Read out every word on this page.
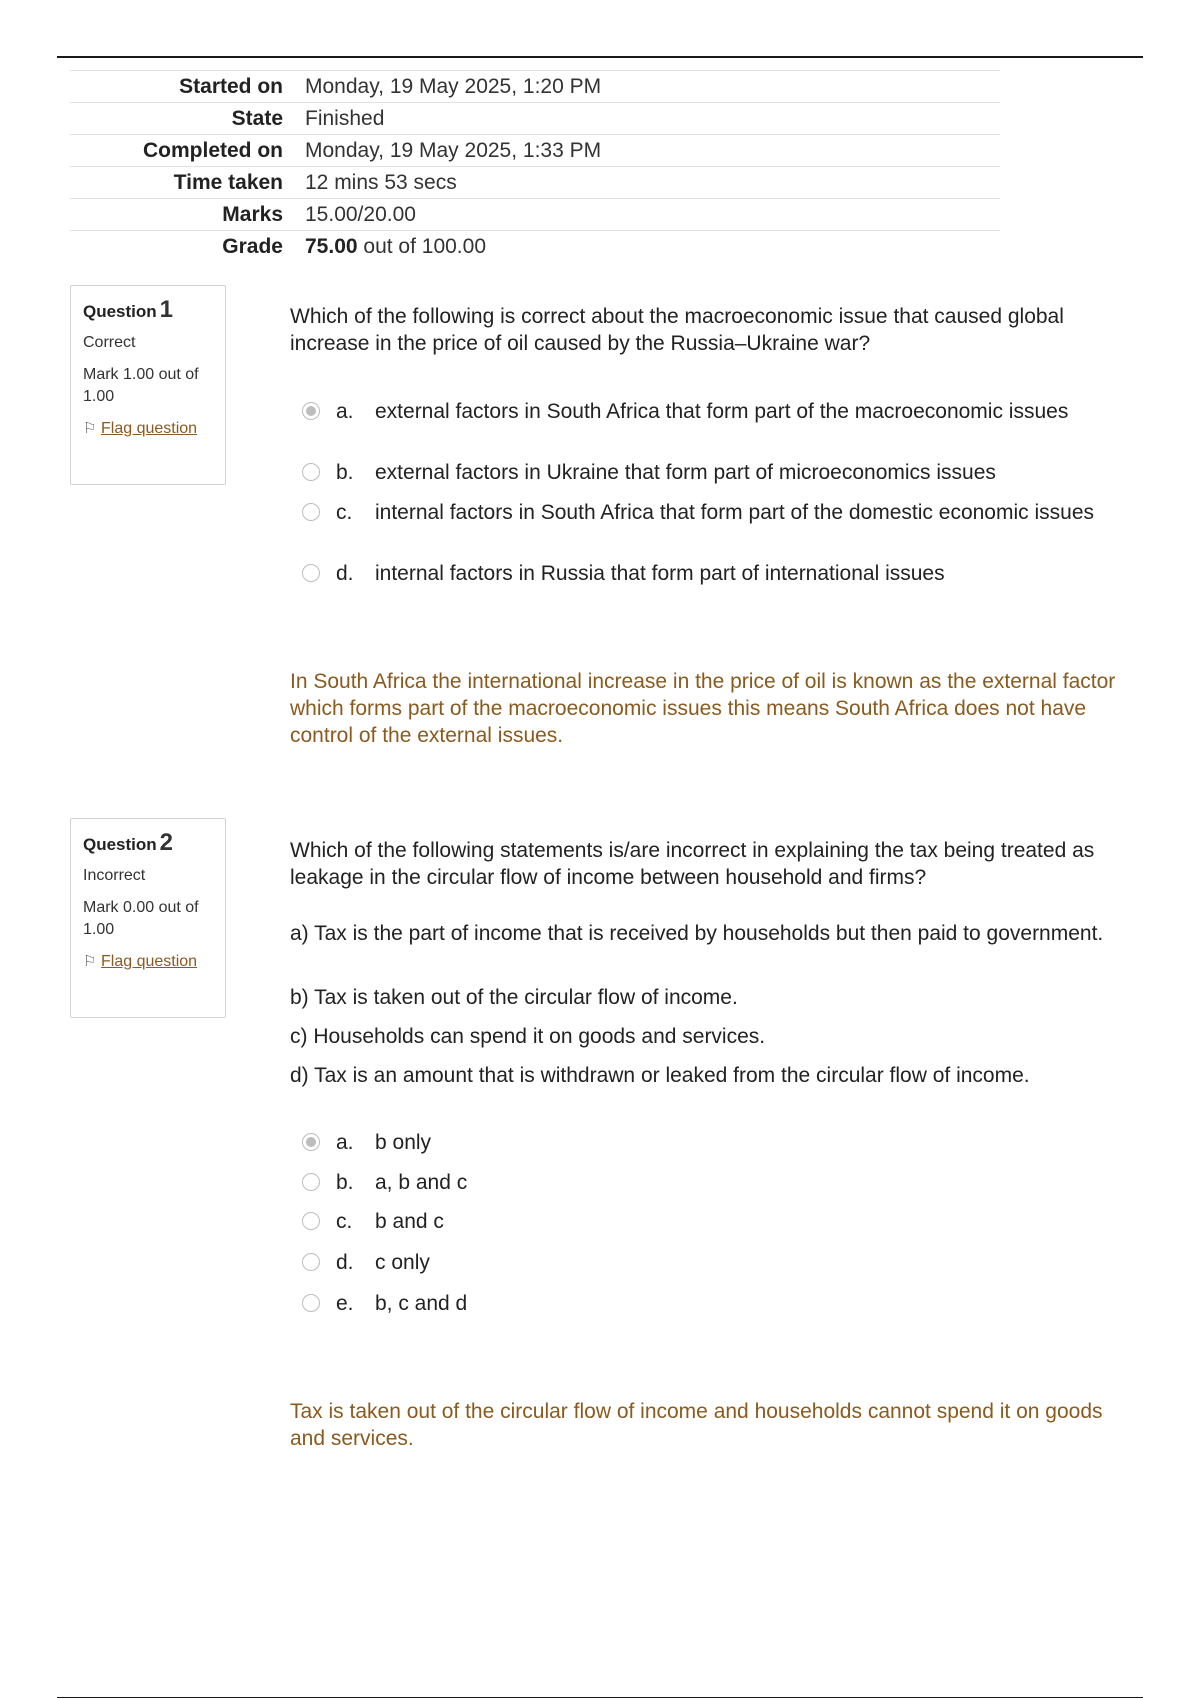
Started on	Monday, 19 May 2025, 1:20 PM
State	Finished
Completed on	Monday, 19 May 2025, 1:33 PM
Time taken	12 mins 53 secs
Marks	15.00/20.00
Grade	75.00 out of 100.00
Question 1
Correct
Mark 1.00 out of 1.00
⚐ Flag question
Which of the following is correct about the macroeconomic issue that caused global increase in the price of oil caused by the Russia–Ukraine war?
a. external factors in South Africa that form part of the macroeconomic issues
b. external factors in Ukraine that form part of microeconomics issues
c. internal factors in South Africa that form part of the domestic economic issues
d. internal factors in Russia that form part of international issues
In South Africa the international increase in the price of oil is known as the external factor which forms part of the macroeconomic issues this means South Africa does not have control of the external issues.
Question 2
Incorrect
Mark 0.00 out of 1.00
⚐ Flag question
Which of the following statements is/are incorrect in explaining the tax being treated as leakage in the circular flow of income between household and firms?
a) Tax is the part of income that is received by households but then paid to government.
b) Tax is taken out of the circular flow of income.
c) Households can spend it on goods and services.
d) Tax is an amount that is withdrawn or leaked from the circular flow of income.
a. b only
b. a, b and c
c. b and c
d. c only
e. b, c and d
Tax is taken out of the circular flow of income and households cannot spend it on goods and services.
